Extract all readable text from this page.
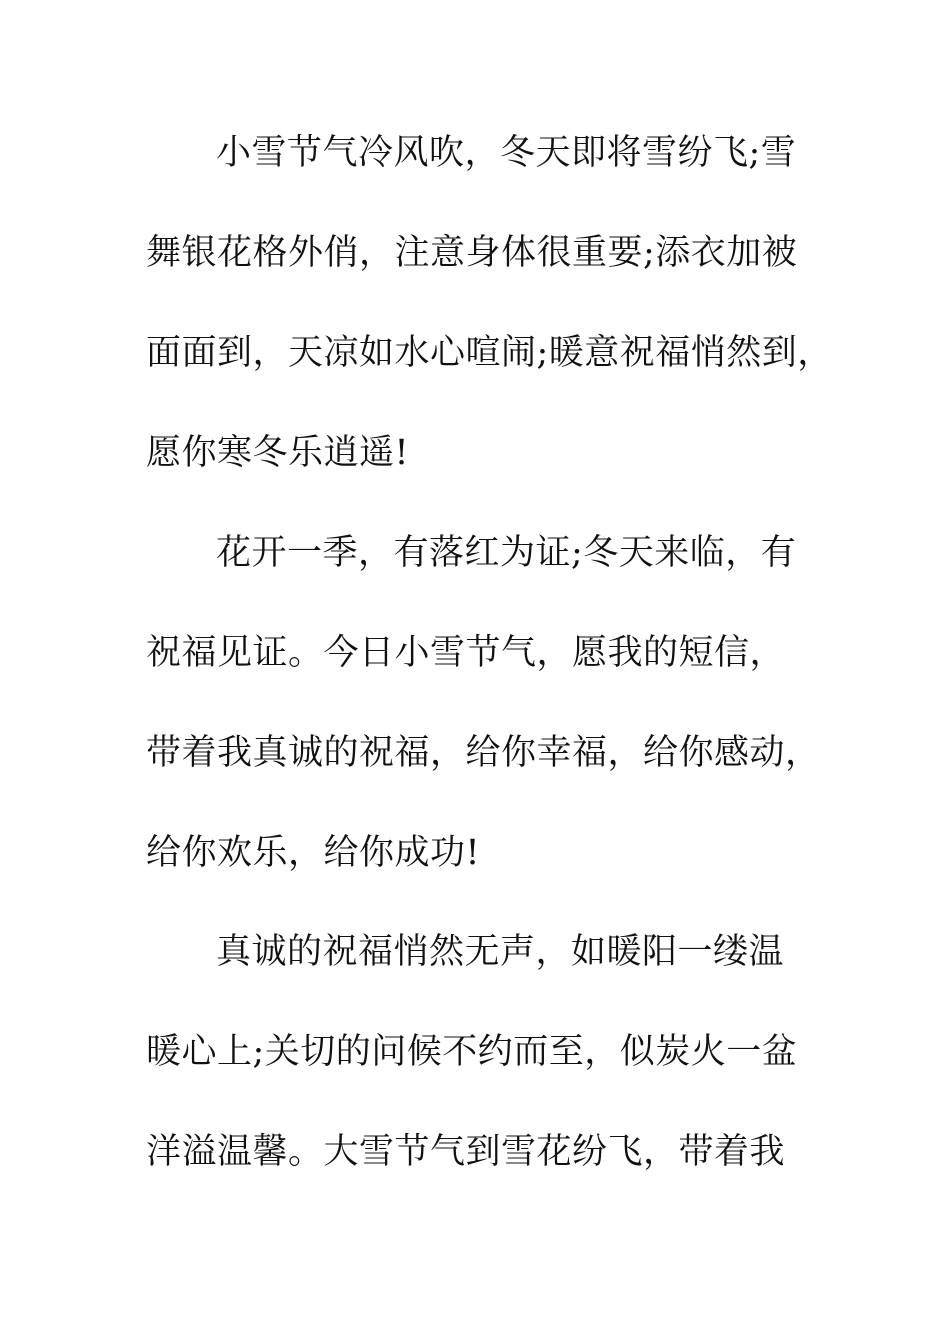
小雪节气冷风吹，冬天即将雪纷飞;雪
舞银花格外俏，注意身体很重要;添衣加被
面面到，天凉如水心喧闹;暖意祝福悄然到，
愿你寒冬乐逍遥!
花开一季，有落红为证;冬天来临，有
祝福见证。今日小雪节气，愿我的短信，
带着我真诚的祝福，给你幸福，给你感动，
给你欢乐，给你成功!
真诚的祝福悄然无声，如暖阳一缕温
暖心上;关切的问候不约而至，似炭火一盆
洋溢温馨。大雪节气到雪花纷飞，带着我
